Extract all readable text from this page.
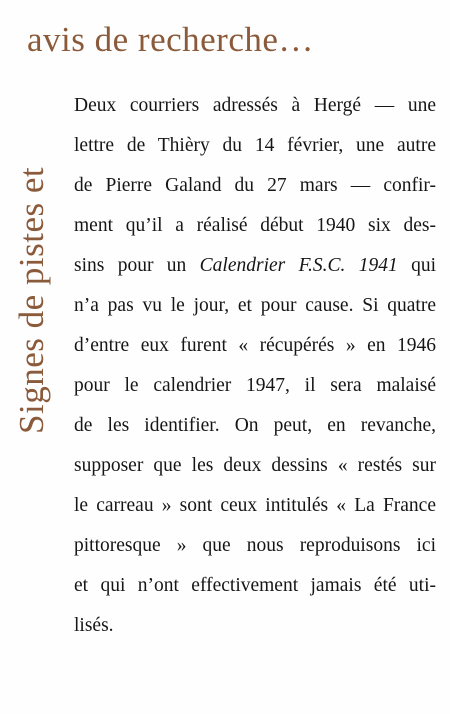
avis de recherche…
Signes de pistes et
Deux courriers adressés à Hergé — une
lettre de Thièry du 14 février, une autre
de Pierre Galand du 27 mars — confir-
ment qu’il a réalisé début 1940 six des-
sins pour un Calendrier F.S.C. 1941 qui
n’a pas vu le jour, et pour cause. Si quatre
d’entre eux furent « récupérés » en 1946
pour le calendrier 1947, il sera malaisé
de les identifier. On peut, en revanche,
supposer que les deux dessins « restés sur
le carreau » sont ceux intitulés « La France
pittoresque » que nous reproduisons ici
et qui n’ont effectivement jamais été uti-
lisés.
